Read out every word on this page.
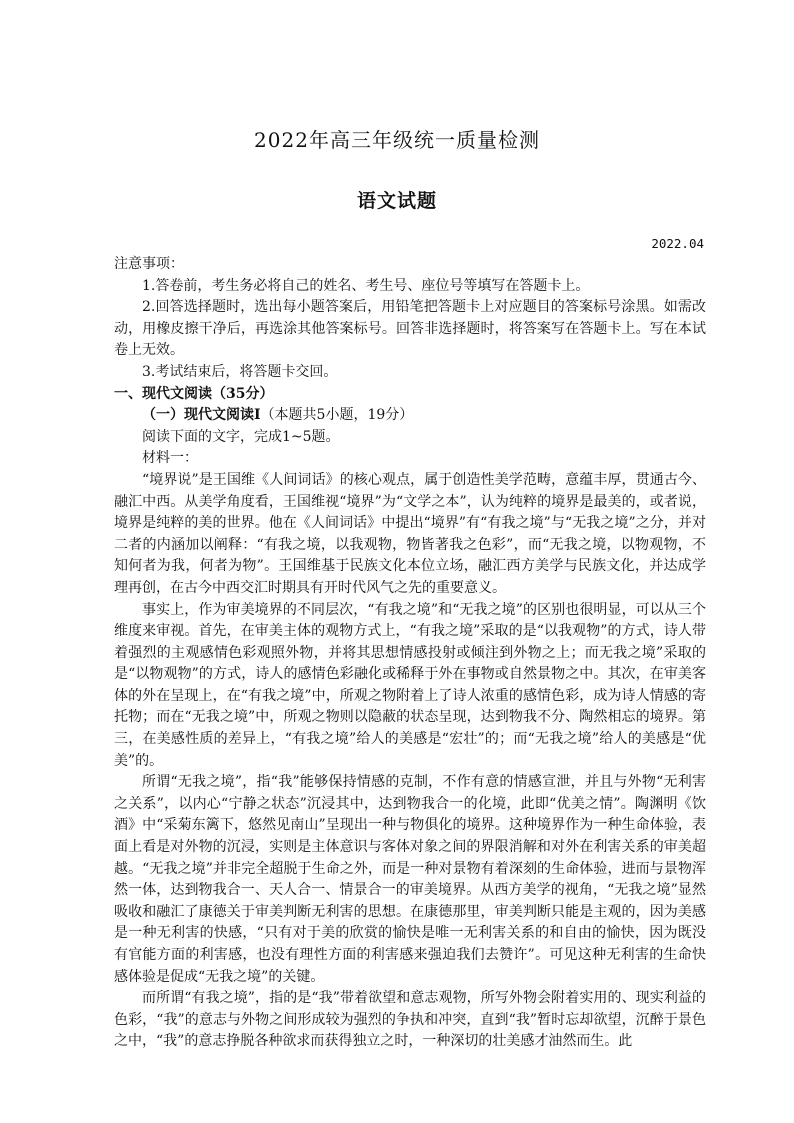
2022年高三年级统一质量检测
语文试题
2022.04

注意事项：

1.答卷前，考生务必将自己的姓名、考生号、座位号等填写在答题卡上。

2.回答选择题时，选出每小题答案后，用铅笔把答题卡上对应题目的答案标号涂黑。如需改动，用橡皮擦干净后，再选涂其他答案标号。回答非选择题时，将答案写在答题卡上。写在本试卷上无效。

3.考试结束后，将答题卡交回。

一、现代文阅读（35分）

（一）现代文阅读Ⅰ（本题共5小题，19分）

阅读下面的文字，完成1~5题。

材料一：

“境界说”是王国维《人间词话》的核心观点，属于创造性美学范畴，意蕴丰厚，贯通古今、融汇中西。从美学角度看，王国维视“境界”为“文学之本”，认为纯粹的境界是最美的，或者说，境界是纯粹的美的世界。他在《人间词话》中提出“境界”有“有我之境”与“无我之境”之分，并对二者的内涵加以阐释：“有我之境，以我观物，物皆著我之色彩”，而“无我之境，以物观物，不知何者为我，何者为物”。王国维基于民族文化本位立场，融汇西方美学与民族文化，并达成学理再创，在古今中西交汇时期具有开时代风气之先的重要意义。

事实上，作为审美境界的不同层次，“有我之境”和“无我之境”的区别也很明显，可以从三个维度来审视。首先，在审美主体的观物方式上，“有我之境”采取的是“以我观物”的方式，诗人带着强烈的主观感情色彩观照外物，并将其思想情感投射或倾注到外物之上；而无我之境”采取的是“以物观物”的方式，诗人的感情色彩融化或稀释于外在事物或自然景物之中。其次，在审美客体的外在呈现上，在“有我之境”中，所观之物附着上了诗人浓重的感情色彩，成为诗人情感的寄托物；而在“无我之境”中，所观之物则以隐蔽的状态呈现，达到物我不分、陶然相忘的境界。第三，在美感性质的差异上，“有我之境”给人的美感是“宏壮”的；而“无我之境”给人的美感是“优美”的。

所谓“无我之境”，指“我”能够保持情感的克制，不作有意的情感宣泄，并且与外物“无利害之关系”，以内心“宁静之状态”沉浸其中，达到物我合一的化境，此即“优美之情”。陶渊明《饮酒》中“采菊东篱下，悠然见南山”呈现出一种与物俱化的境界。这种境界作为一种生命体验，表面上看是对外物的沉浸，实则是主体意识与客体对象之间的界限消解和对外在利害关系的审美超越。“无我之境”并非完全超脱于生命之外，而是一种对景物有着深刻的生命体验，进而与景物浑然一体，达到物我合一、天人合一、情景合一的审美境界。从西方美学的视角，“无我之境”显然吸收和融汇了康德关于审美判断无利害的思想。在康德那里，审美判断只能是主观的，因为美感是一种无利害的快感，“只有对于美的欣赏的愉快是唯一无利害关系的和自由的愉快，因为既没有官能方面的利害感，也没有理性方面的利害感来强迫我们去赞许”。可见这种无利害的生命快感体验是促成“无我之境”的关键。

而所谓“有我之境”，指的是“我”带着欲望和意志观物，所写外物会附着实用的、现实利益的色彩，“我”的意志与外物之间形成较为强烈的争执和冲突，直到“我”暂时忘却欲望，沉醉于景色之中，“我”的意志挣脱各种欲求而获得独立之时，一种深切的壮美感才油然而生。此
